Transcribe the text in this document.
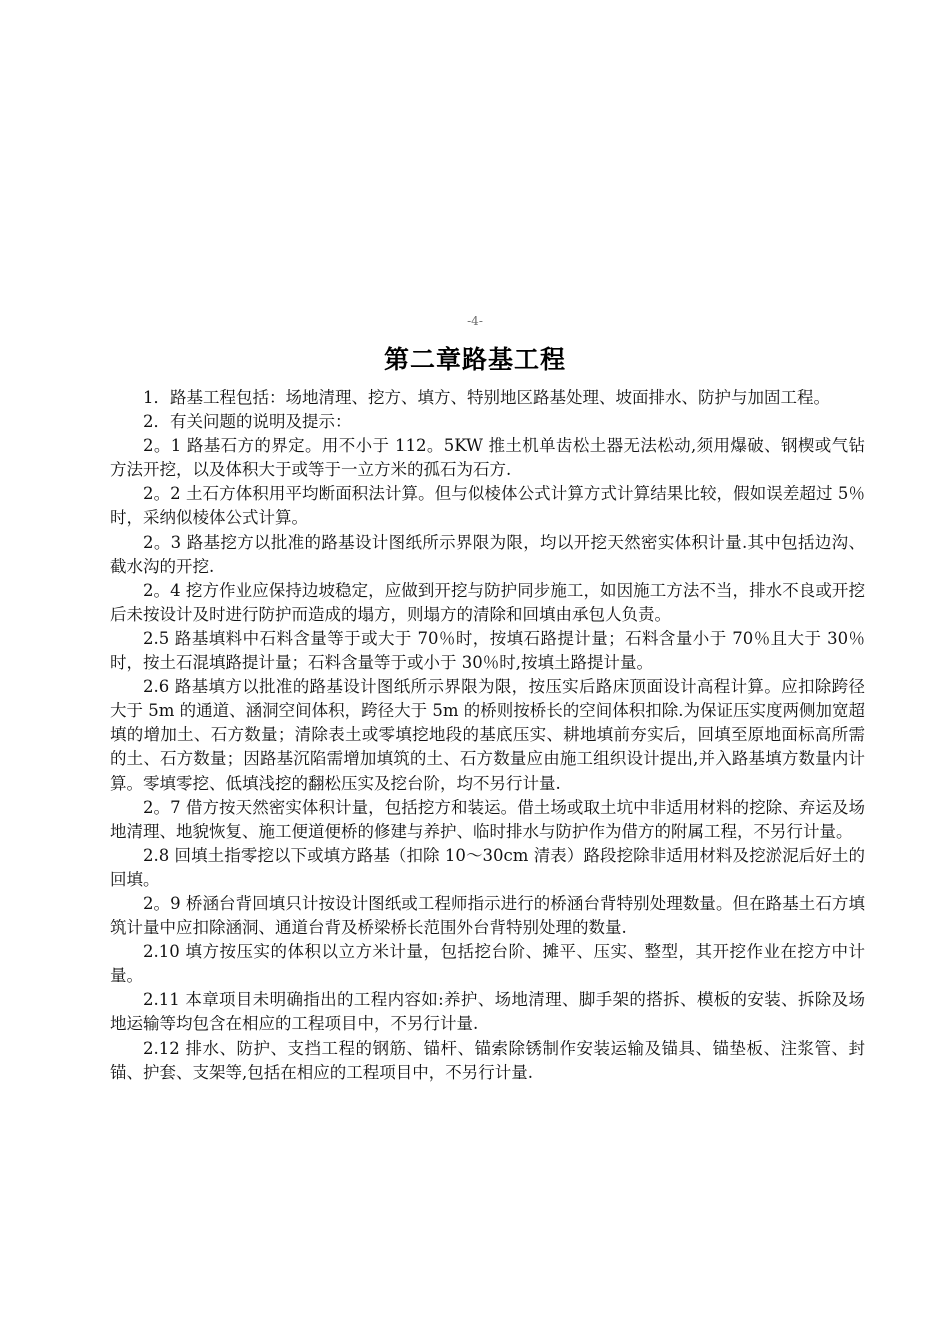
-4-
第二章路基工程

1．路基工程包括：场地清理、挖方、填方、特别地区路基处理、坡面排水、防护与加固工程。

2．有关问题的说明及提示：

2。1 路基石方的界定。用不小于 112。5KW 推土机单齿松土器无法松动,须用爆破、钢楔或气钻方法开挖，以及体积大于或等于一立方米的孤石为石方.

2。2 土石方体积用平均断面积法计算。但与似棱体公式计算方式计算结果比较，假如误差超过 5％时，采纳似棱体公式计算。

2。3 路基挖方以批准的路基设计图纸所示界限为限，均以开挖天然密实体积计量.其中包括边沟、截水沟的开挖.

2。4 挖方作业应保持边坡稳定，应做到开挖与防护同步施工，如因施工方法不当，排水不良或开挖后未按设计及时进行防护而造成的塌方，则塌方的清除和回填由承包人负责。

2.5 路基填料中石料含量等于或大于 70％时，按填石路提计量；石料含量小于 70％且大于 30％时，按土石混填路提计量；石料含量等于或小于 30％时,按填土路提计量。

2.6 路基填方以批准的路基设计图纸所示界限为限，按压实后路床顶面设计高程计算。应扣除跨径大于 5m 的通道、涵洞空间体积，跨径大于 5m 的桥则按桥长的空间体积扣除.为保证压实度两侧加宽超填的增加土、石方数量；清除表土或零填挖地段的基底压实、耕地填前夯实后，回填至原地面标高所需的土、石方数量；因路基沉陷需增加填筑的土、石方数量应由施工组织设计提出,并入路基填方数量内计算。零填零挖、低填浅挖的翻松压实及挖台阶，均不另行计量.

2。7 借方按天然密实体积计量，包括挖方和装运。借土场或取土坑中非适用材料的挖除、弃运及场地清理、地貌恢复、施工便道便桥的修建与养护、临时排水与防护作为借方的附属工程，不另行计量。

2.8 回填土指零挖以下或填方路基（扣除 10～30cm 清表）路段挖除非适用材料及挖淤泥后好土的回填。

2。9 桥涵台背回填只计按设计图纸或工程师指示进行的桥涵台背特别处理数量。但在路基土石方填筑计量中应扣除涵洞、通道台背及桥梁桥长范围外台背特别处理的数量.

2.10 填方按压实的体积以立方米计量，包括挖台阶、摊平、压实、整型，其开挖作业在挖方中计量。

2.11 本章项目未明确指出的工程内容如:养护、场地清理、脚手架的搭拆、模板的安装、拆除及场地运输等均包含在相应的工程项目中，不另行计量.

2.12 排水、防护、支挡工程的钢筋、锚杆、锚索除锈制作安装运输及锚具、锚垫板、注浆管、封锚、护套、支架等,包括在相应的工程项目中，不另行计量.
